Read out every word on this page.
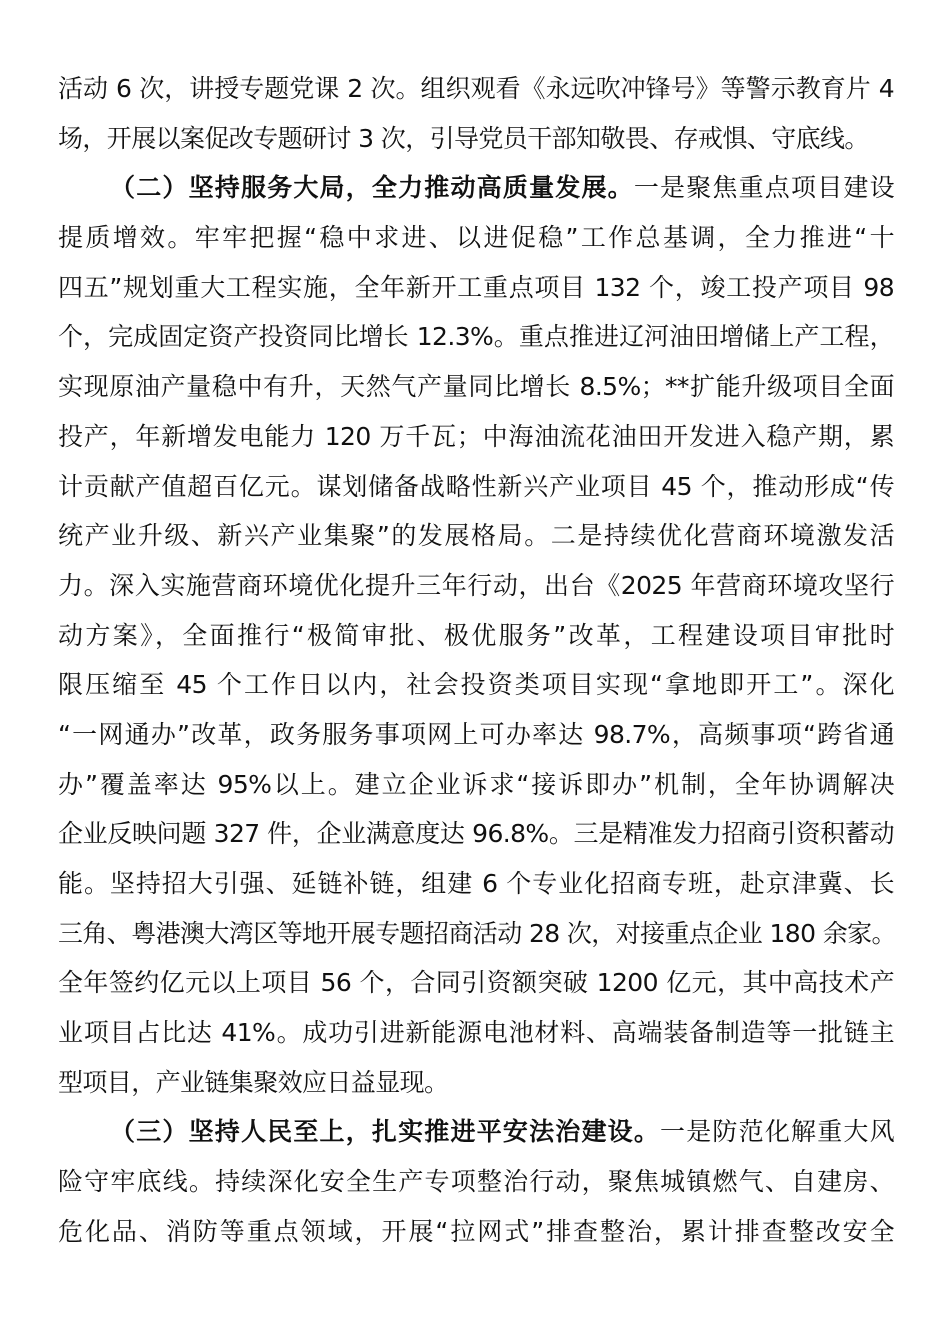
活动 6 次，讲授专题党课 2 次。组织观看《永远吹冲锋号》等警示教育片 4
场，开展以案促改专题研讨 3 次，引导党员干部知敬畏、存戒惧、守底线。
（二）坚持服务大局，全力推动高质量发展。一是聚焦重点项目建设
提质增效。牢牢把握“稳中求进、以进促稳”工作总基调，全力推进“十
四五”规划重大工程实施，全年新开工重点项目 132 个，竣工投产项目 98
个，完成固定资产投资同比增长 12.3%。重点推进辽河油田增储上产工程，
实现原油产量稳中有升，天然气产量同比增长 8.5%；**扩能升级项目全面
投产，年新增发电能力 120 万千瓦；中海油流花油田开发进入稳产期，累
计贡献产值超百亿元。谋划储备战略性新兴产业项目 45 个，推动形成“传
统产业升级、新兴产业集聚”的发展格局。二是持续优化营商环境激发活
力。深入实施营商环境优化提升三年行动，出台《2025 年营商环境攻坚行
动方案》，全面推行“极简审批、极优服务”改革，工程建设项目审批时
限压缩至 45 个工作日以内，社会投资类项目实现“拿地即开工”。深化
“一网通办”改革，政务服务事项网上可办率达 98.7%，高频事项“跨省通
办”覆盖率达 95%以上。建立企业诉求“接诉即办”机制，全年协调解决
企业反映问题 327 件，企业满意度达 96.8%。三是精准发力招商引资积蓄动
能。坚持招大引强、延链补链，组建 6 个专业化招商专班，赴京津冀、长
三角、粤港澳大湾区等地开展专题招商活动 28 次，对接重点企业 180 余家。
全年签约亿元以上项目 56 个，合同引资额突破 1200 亿元，其中高技术产
业项目占比达 41%。成功引进新能源电池材料、高端装备制造等一批链主
型项目，产业链集聚效应日益显现。
（三）坚持人民至上，扎实推进平安法治建设。一是防范化解重大风
险守牢底线。持续深化安全生产专项整治行动，聚焦城镇燃气、自建房、
危化品、消防等重点领域，开展“拉网式”排查整治，累计排查整改安全
